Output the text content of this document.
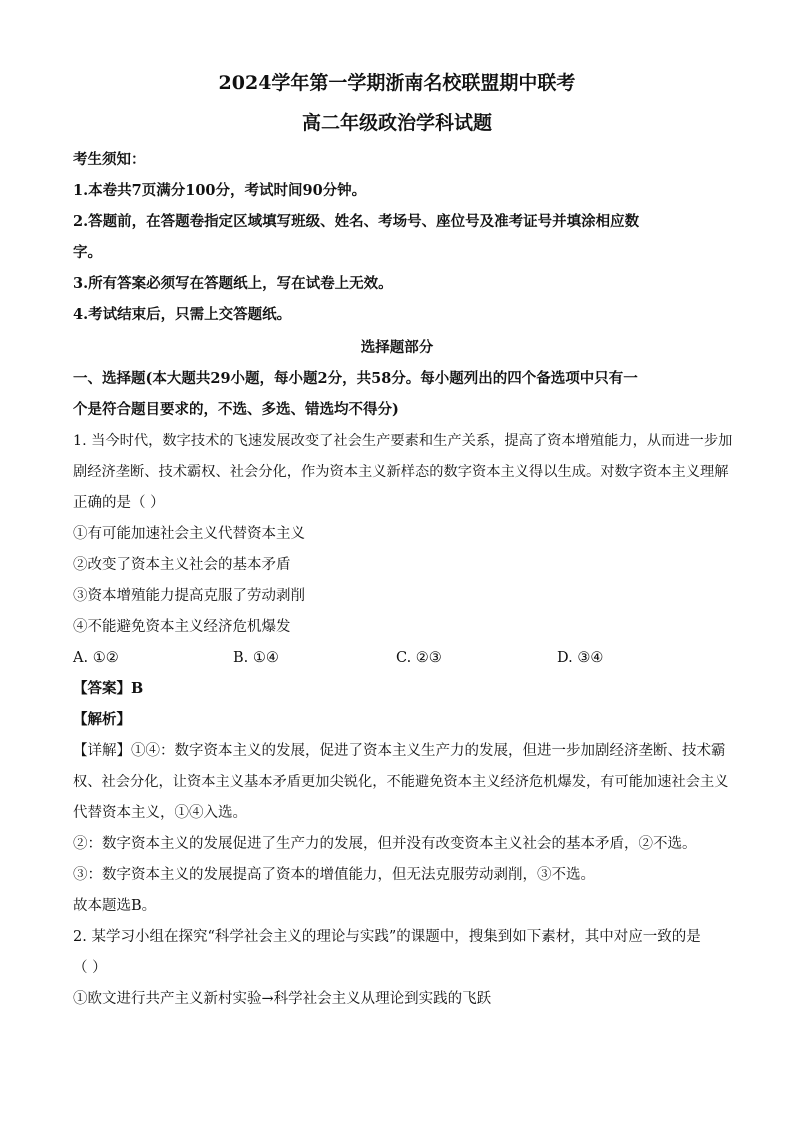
2024学年第一学期浙南名校联盟期中联考
高二年级政治学科试题
考生须知：
1.本卷共7页满分100分，考试时间90分钟。
2.答题前，在答题卷指定区域填写班级、姓名、考场号、座位号及准考证号并填涂相应数
字。
3.所有答案必须写在答题纸上，写在试卷上无效。
4.考试结束后，只需上交答题纸。
选择题部分
一、选择题(本大题共29小题，每小题2分，共58分。每小题列出的四个备选项中只有一
个是符合题目要求的，不选、多选、错选均不得分)
1. 当今时代，数字技术的飞速发展改变了社会生产要素和生产关系，提高了资本增殖能力，从而进一步加
剧经济垄断、技术霸权、社会分化，作为资本主义新样态的数字资本主义得以生成。对数字资本主义理解
正确的是（ ）
①有可能加速社会主义代替资本主义
②改变了资本主义社会的基本矛盾
③资本增殖能力提高克服了劳动剥削
④不能避免资本主义经济危机爆发
A. ①②	B. ①④	C. ②③	D. ③④
【答案】B
【解析】
【详解】①④：数字资本主义的发展，促进了资本主义生产力的发展，但进一步加剧经济垄断、技术霸
权、社会分化，让资本主义基本矛盾更加尖锐化，不能避免资本主义经济危机爆发，有可能加速社会主义
代替资本主义，①④入选。
②：数字资本主义的发展促进了生产力的发展，但并没有改变资本主义社会的基本矛盾，②不选。
③：数字资本主义的发展提高了资本的增值能力，但无法克服劳动剥削，③不选。
故本题选B。
2. 某学习小组在探究“科学社会主义的理论与实践”的课题中，搜集到如下素材，其中对应一致的是
（ ）
①欧文进行共产主义新村实验→科学社会主义从理论到实践的飞跃
